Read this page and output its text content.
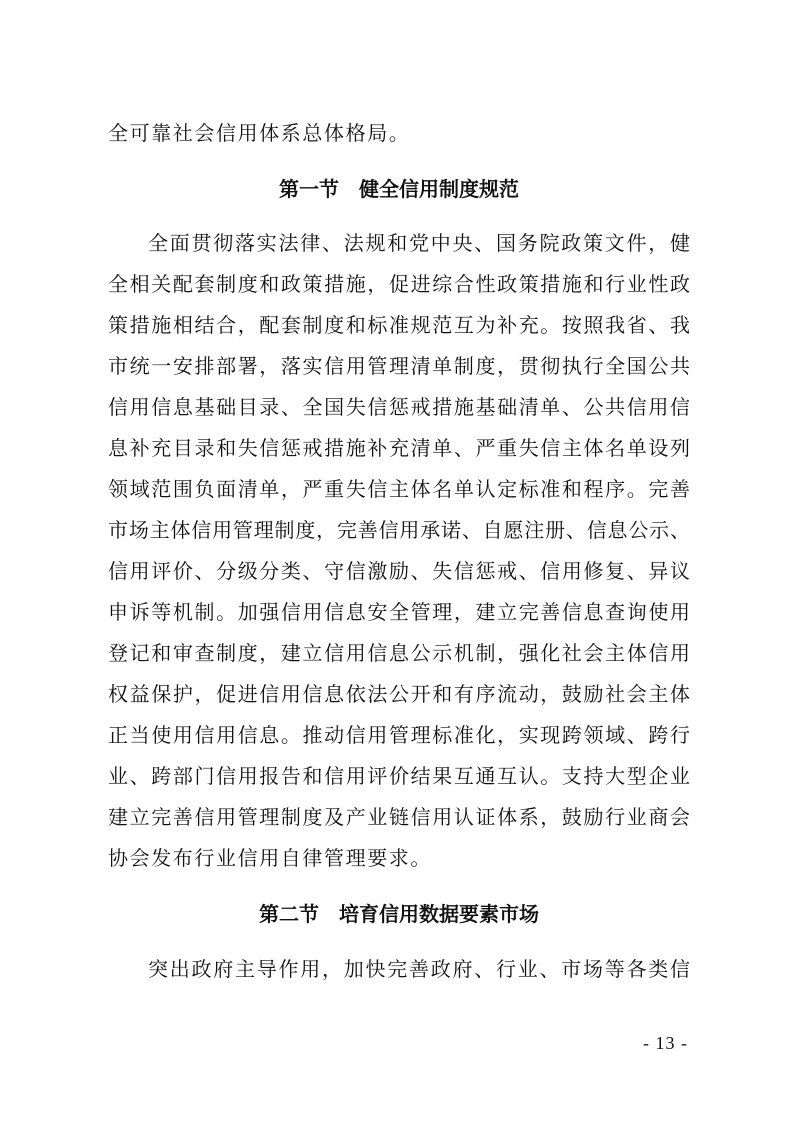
全可靠社会信用体系总体格局。
第一节　健全信用制度规范
全面贯彻落实法律、法规和党中央、国务院政策文件，健
全相关配套制度和政策措施，促进综合性政策措施和行业性政
策措施相结合，配套制度和标准规范互为补充。按照我省、我
市统一安排部署，落实信用管理清单制度，贯彻执行全国公共
信用信息基础目录、全国失信惩戒措施基础清单、公共信用信
息补充目录和失信惩戒措施补充清单、严重失信主体名单设列
领域范围负面清单，严重失信主体名单认定标准和程序。完善
市场主体信用管理制度，完善信用承诺、自愿注册、信息公示、
信用评价、分级分类、守信激励、失信惩戒、信用修复、异议
申诉等机制。加强信用信息安全管理，建立完善信息查询使用
登记和审查制度，建立信用信息公示机制，强化社会主体信用
权益保护，促进信用信息依法公开和有序流动，鼓励社会主体
正当使用信用信息。推动信用管理标准化，实现跨领域、跨行
业、跨部门信用报告和信用评价结果互通互认。支持大型企业
建立完善信用管理制度及产业链信用认证体系，鼓励行业商会
协会发布行业信用自律管理要求。
第二节　培育信用数据要素市场
突出政府主导作用，加快完善政府、行业、市场等各类信
- 13 -
